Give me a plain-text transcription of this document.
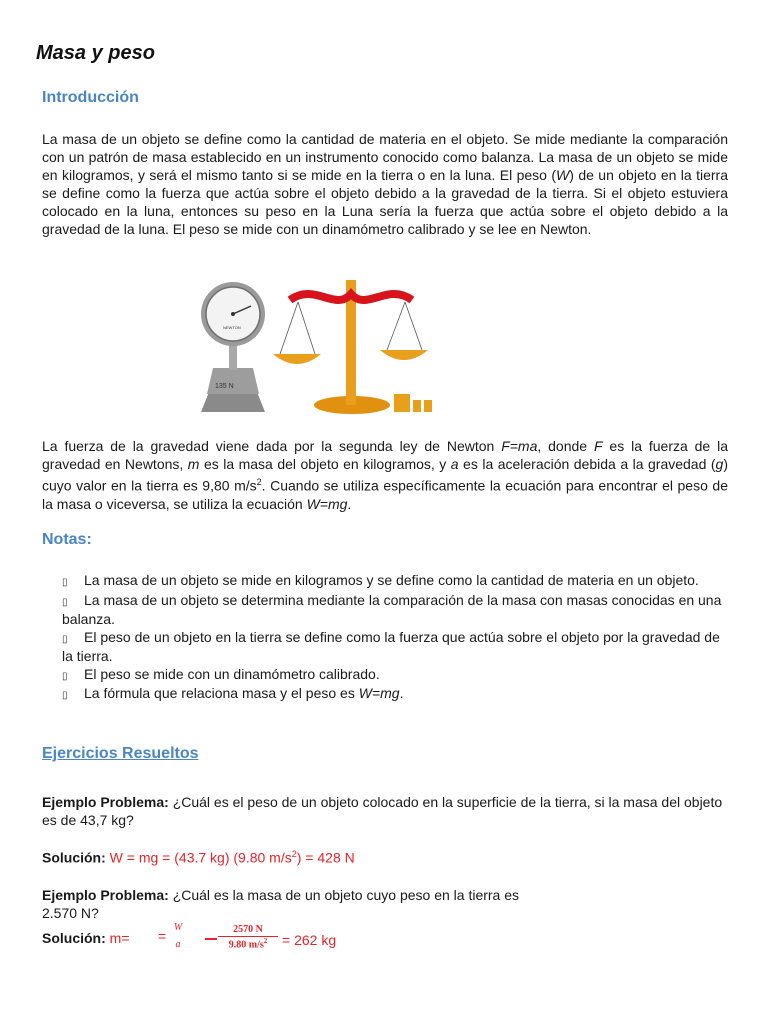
Masa y peso
Introducción
La masa de un objeto se define como la cantidad de materia en el objeto. Se mide mediante la comparación con un patrón de masa establecido en un instrumento conocido como balanza. La masa de un objeto se mide en kilogramos, y será el mismo tanto si se mide en la tierra o en la luna. El peso (W) de un objeto en la tierra se define como la fuerza que actúa sobre el objeto debido a la gravedad de la tierra. Si el objeto estuviera colocado en la luna, entonces su peso en la Luna sería la fuerza que actúa sobre el objeto debido a la gravedad de la luna. El peso se mide con un dinamómetro calibrado y se lee en Newton.
135 N
NEWTON
La fuerza de la gravedad viene dada por la segunda ley de Newton F=ma, donde F es la fuerza de la gravedad en Newtons, m es la masa del objeto en kilogramos, y a es la aceleración debida a la gravedad (g) cuyo valor en la tierra es 9,80 $m/s^2$. Cuando se utiliza específicamente la ecuación para encontrar el peso de la masa o viceversa, se utiliza la ecuación W=mg.
Notas:
▯ La masa de un objeto se mide en kilogramos y se define como la cantidad de materia en un objeto.
▯ La masa de un objeto se determina mediante la comparación de la masa con masas conocidas en una balanza.
▯ El peso de un objeto en la tierra se define como la fuerza que actúa sobre el objeto por la gravedad de la tierra.
▯ El peso se mide con un dinamómetro calibrado.
▯ La fórmula que relaciona masa y el peso es W=mg.
Ejercicios Resueltos
Ejemplo Problema: ¿Cuál es el peso de un objeto colocado en la superficie de la tierra, si la masa del objeto es de 43,7 kg?
Solución: W = mg = (43.7 kg) (9.80 $m/s^2) = 428$ N
Ejemplo Problema: ¿Cuál es la masa de un objeto cuyo peso en la tierra es
2.570 N?
Solución: m= =
W
a	$\frac{2570 N}{9.80 m/s^2} = 262$ kg
